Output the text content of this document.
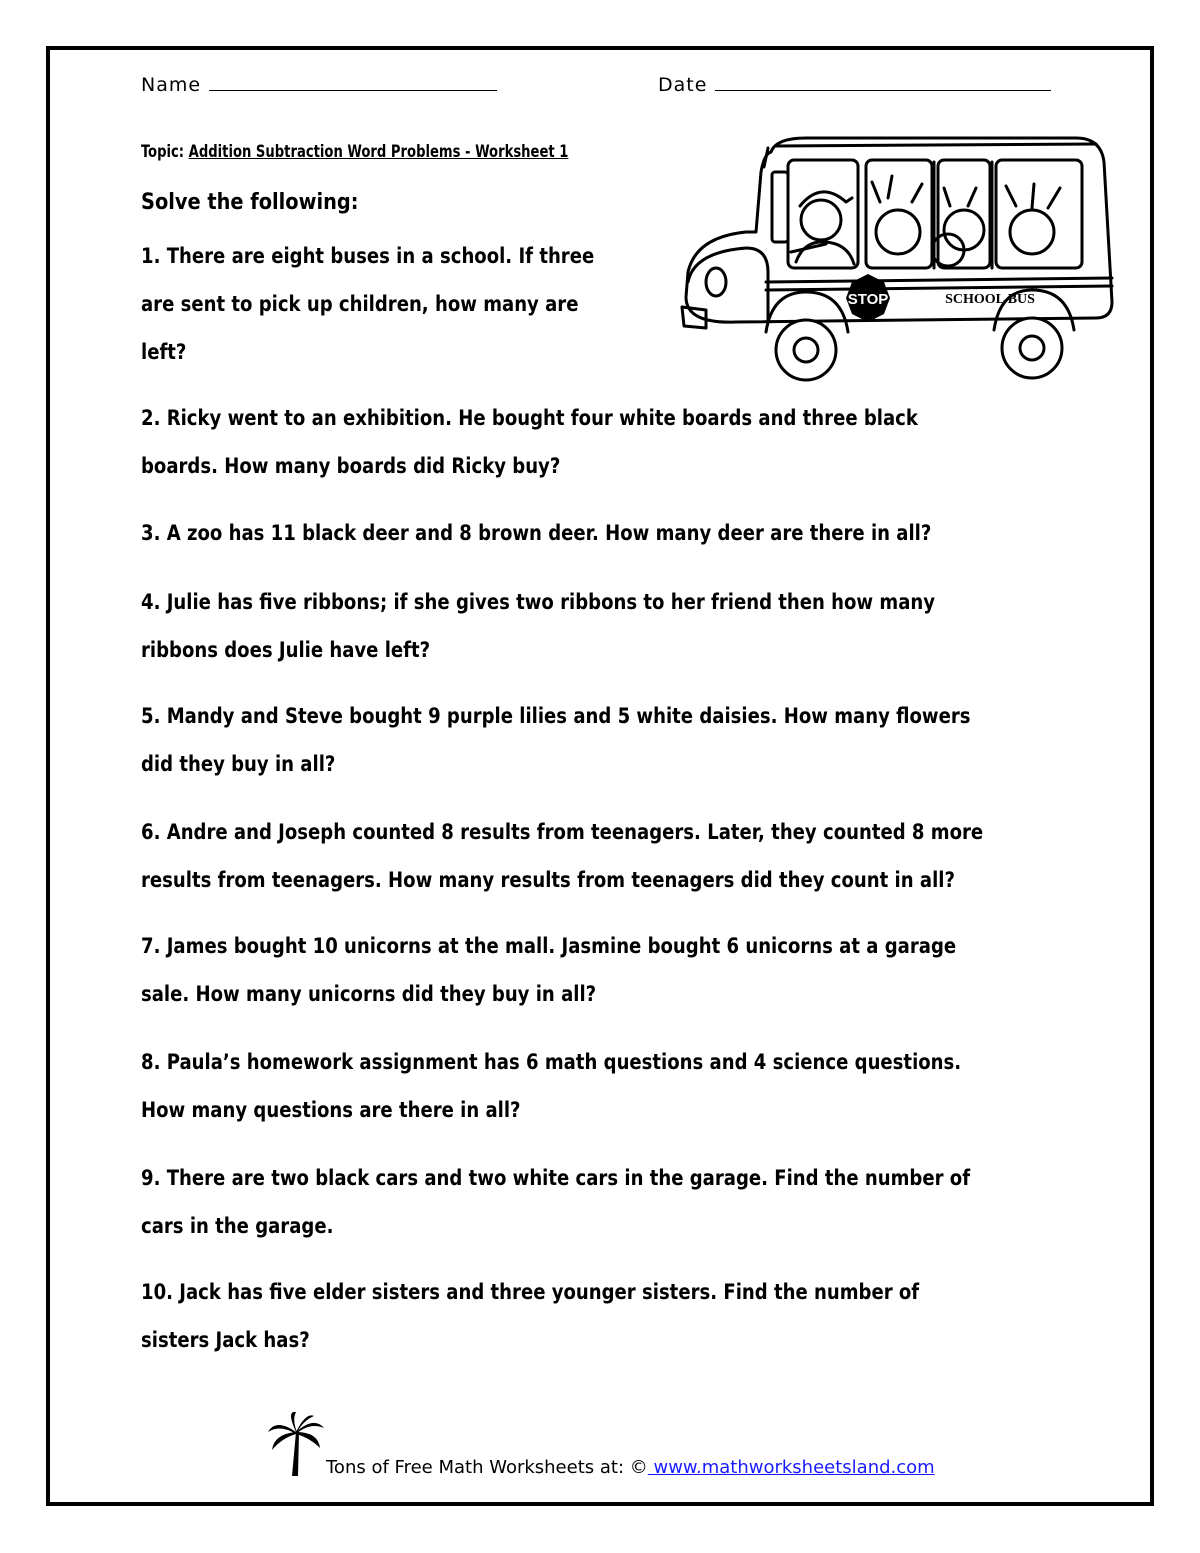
Name	Date
Topic: Addition Subtraction Word Problems - Worksheet 1
Solve the following:
1. There are eight buses in a school. If three
are sent to pick up children, how many are
left?
2. Ricky went to an exhibition. He bought four white boards and three black
boards. How many boards did Ricky buy?
3. A zoo has 11 black deer and 8 brown deer. How many deer are there in all?
4. Julie has five ribbons; if she gives two ribbons to her friend then how many
ribbons does Julie have left?
5. Mandy and Steve bought 9 purple lilies and 5 white daisies. How many flowers
did they buy in all?
6. Andre and Joseph counted 8 results from teenagers. Later, they counted 8 more
results from teenagers. How many results from teenagers did they count in all?
7. James bought 10 unicorns at the mall. Jasmine bought 6 unicorns at a garage
sale. How many unicorns did they buy in all?
8. Paula’s homework assignment has 6 math questions and 4 science questions.
How many questions are there in all?
9. There are two black cars and two white cars in the garage. Find the number of
cars in the garage.
10. Jack has five elder sisters and three younger sisters. Find the number of
sisters Jack has?
STOP	SCHOOL BUS
Tons of Free Math Worksheets at: © www.mathworksheetsland.com
